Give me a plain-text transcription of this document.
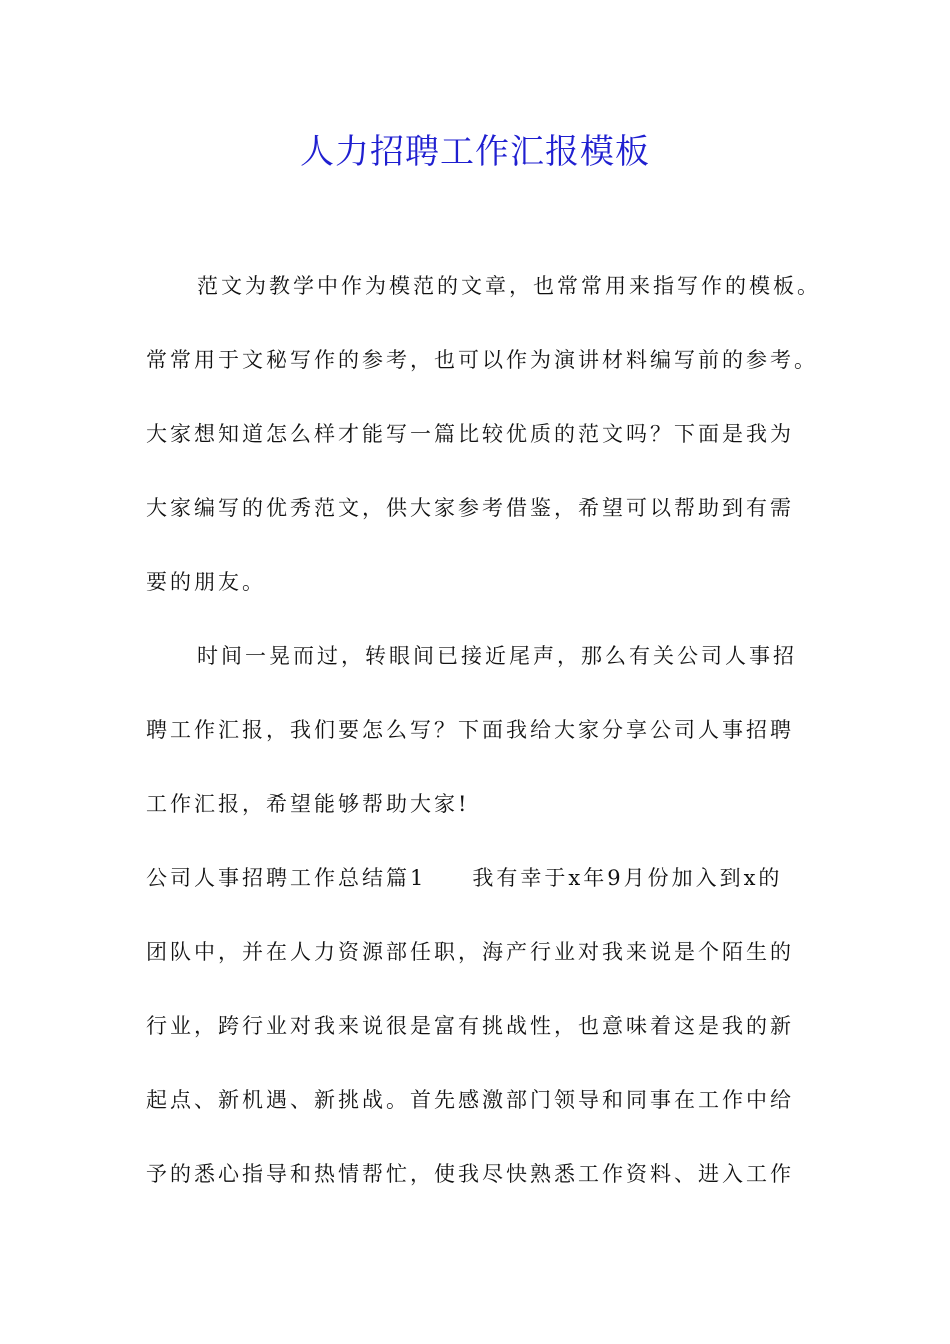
人力招聘工作汇报模板
范文为教学中作为模范的文章，也常常用来指写作的模板。
常常用于文秘写作的参考，也可以作为演讲材料编写前的参考。
大家想知道怎么样才能写一篇比较优质的范文吗？下面是我为
大家编写的优秀范文，供大家参考借鉴，希望可以帮助到有需
要的朋友。
时间一晃而过，转眼间已接近尾声，那么有关公司人事招
聘工作汇报，我们要怎么写？下面我给大家分享公司人事招聘
工作汇报，希望能够帮助大家!
公司人事招聘工作总结篇1 我有幸于x年9月份加入到x的
团队中，并在人力资源部任职，海产行业对我来说是个陌生的
行业，跨行业对我来说很是富有挑战性，也意味着这是我的新
起点、新机遇、新挑战。首先感激部门领导和同事在工作中给
予的悉心指导和热情帮忙，使我尽快熟悉工作资料、进入工作
